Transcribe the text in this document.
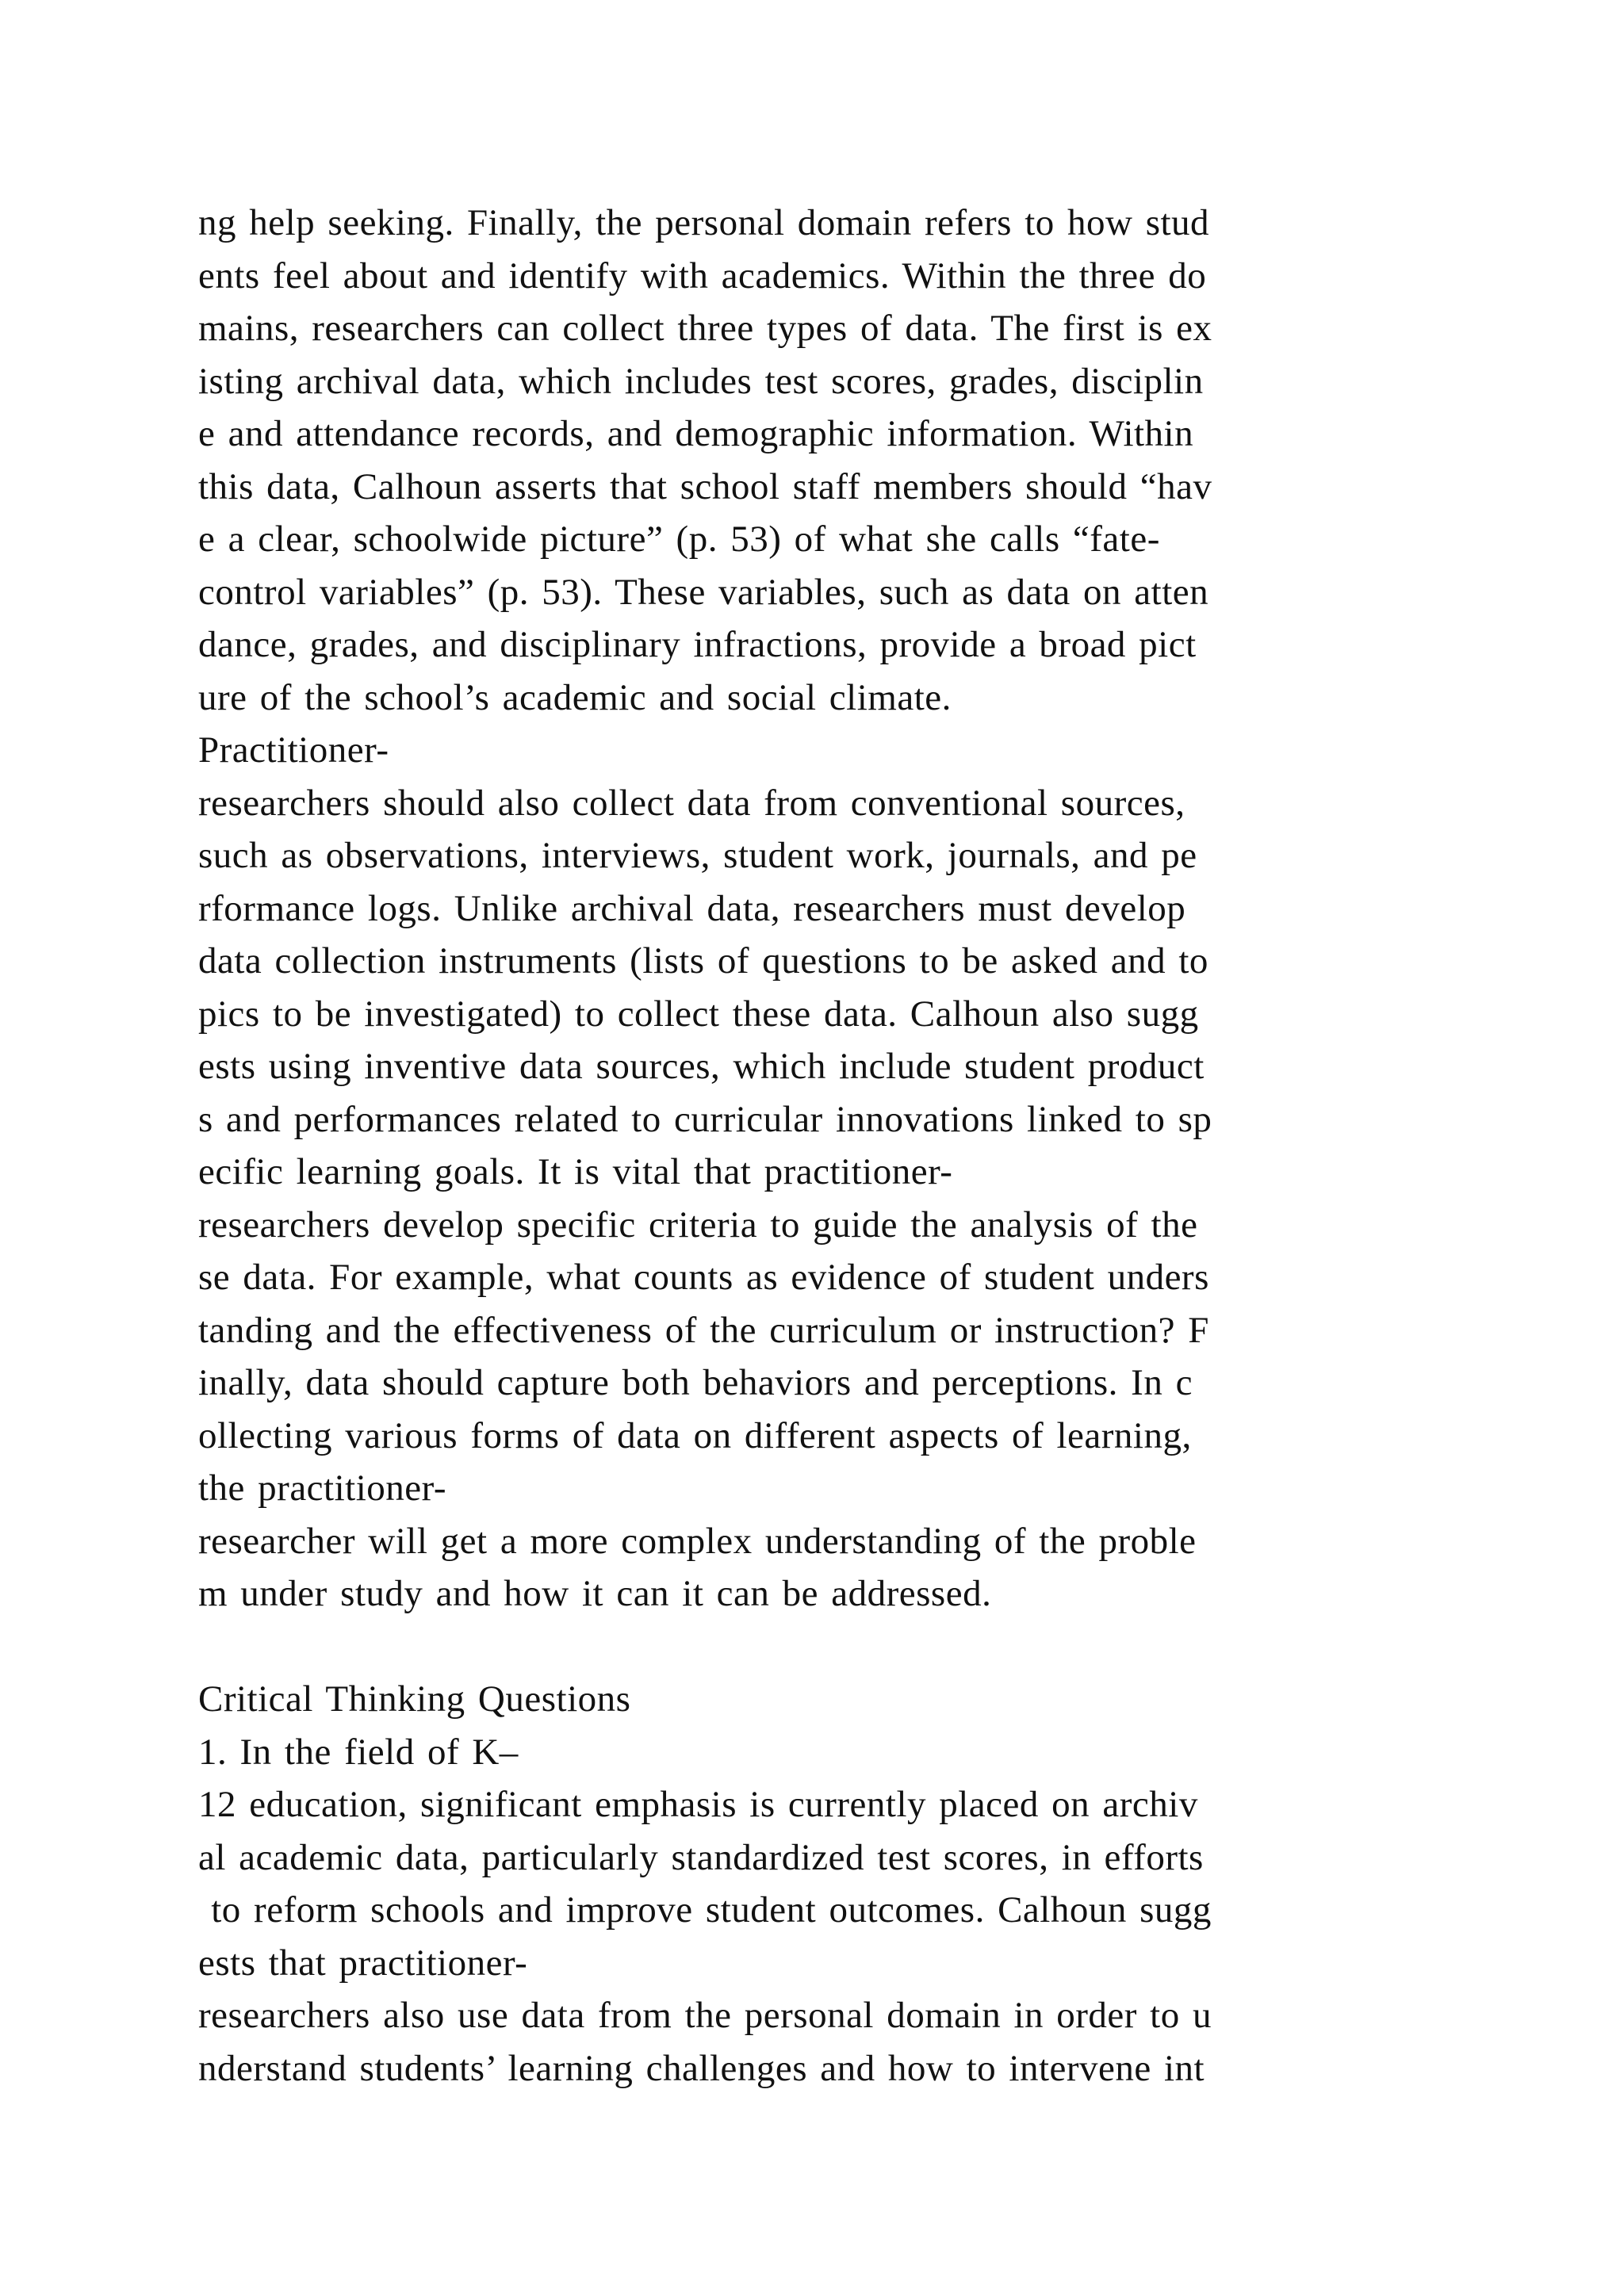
ng help seeking. Finally, the personal domain refers to how stud
ents feel about and identify with academics. Within the three do
mains, researchers can collect three types of data. The first is ex
isting archival data, which includes test scores, grades, disciplin
e and attendance records, and demographic information. Within
this data, Calhoun asserts that school staff members should “hav
e a clear, schoolwide picture” (p. 53) of what she calls “fate-
control variables” (p. 53). These variables, such as data on atten
dance, grades, and disciplinary infractions, provide a broad pict
ure of the school’s academic and social climate.
Practitioner-
researchers should also collect data from conventional sources,
such as observations, interviews, student work, journals, and pe
rformance logs. Unlike archival data, researchers must develop
data collection instruments (lists of questions to be asked and to
pics to be investigated) to collect these data. Calhoun also sugg
ests using inventive data sources, which include student product
s and performances related to curricular innovations linked to sp
ecific learning goals. It is vital that practitioner-
researchers develop specific criteria to guide the analysis of the
se data. For example, what counts as evidence of student unders
tanding and the effectiveness of the curriculum or instruction? F
inally, data should capture both behaviors and perceptions. In c
ollecting various forms of data on different aspects of learning,
the practitioner-
researcher will get a more complex understanding of the proble
m under study and how it can it can be addressed.
Critical Thinking Questions
1. In the field of K–
12 education, significant emphasis is currently placed on archiv
al academic data, particularly standardized test scores, in efforts
to reform schools and improve student outcomes. Calhoun sugg
ests that practitioner-
researchers also use data from the personal domain in order to u
nderstand students’ learning challenges and how to intervene int
